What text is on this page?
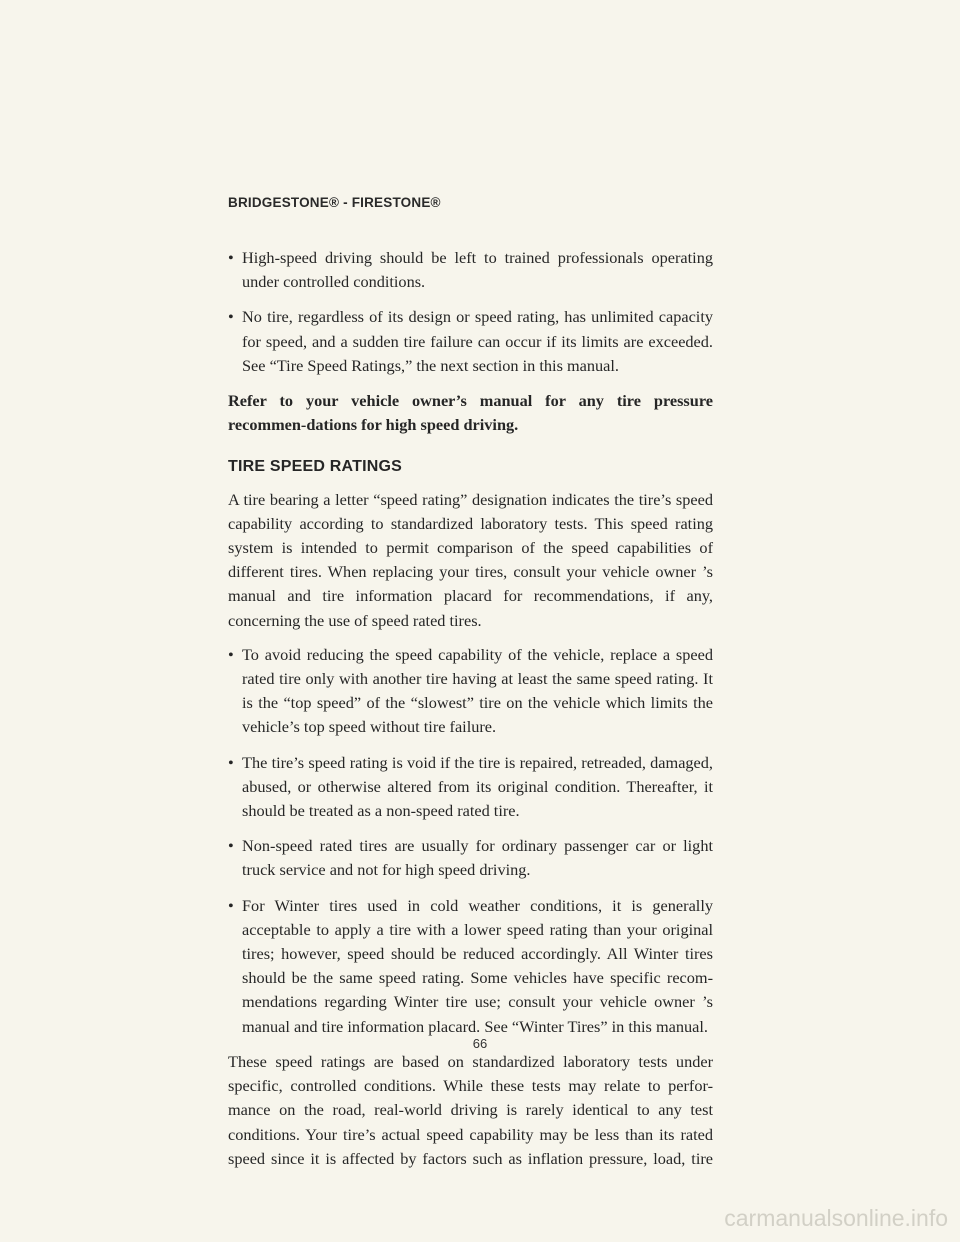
BRIDGESTONE® - FIRESTONE®
• High-speed driving should be left to trained professionals operating under controlled conditions.
• No tire, regardless of its design or speed rating, has unlimited capacity for speed, and a sudden tire failure can occur if its limits are exceeded. See “Tire Speed Ratings,” the next section in this manual.

Refer to your vehicle owner’s manual for any tire pressure recommen-dations for high speed driving.

TIRE SPEED RATINGS

A tire bearing a letter “speed rating” designation indicates the tire’s speed capability according to standardized laboratory tests. This speed rating system is intended to permit comparison of the speed capabilities of different tires. When replacing your tires, consult your vehicle owner ’s manual and tire information placard for recommendations, if any, concerning the use of speed rated tires.

• To avoid reducing the speed capability of the vehicle, replace a speed rated tire only with another tire having at least the same speed rating. It is the “top speed” of the “slowest” tire on the vehicle which limits the vehicle’s top speed without tire failure.
• The tire’s speed rating is void if the tire is repaired, retreaded, damaged, abused, or otherwise altered from its original condition. Thereafter, it should be treated as a non-speed rated tire.
• Non-speed rated tires are usually for ordinary passenger car or light truck service and not for high speed driving.
• For Winter tires used in cold weather conditions, it is generally acceptable to apply a tire with a lower speed rating than your original tires; however, speed should be reduced accordingly. All Winter tires should be the same speed rating. Some vehicles have specific recom-mendations regarding Winter tire use; consult your vehicle owner ’s manual and tire information placard. See “Winter Tires” in this manual.

These speed ratings are based on standardized laboratory tests under specific, controlled conditions. While these tests may relate to perfor-mance on the road, real-world driving is rarely identical to any test conditions. Your tire’s actual speed capability may be less than its rated speed since it is affected by factors such as inflation pressure, load, tire

66
carmanualsonline.info
